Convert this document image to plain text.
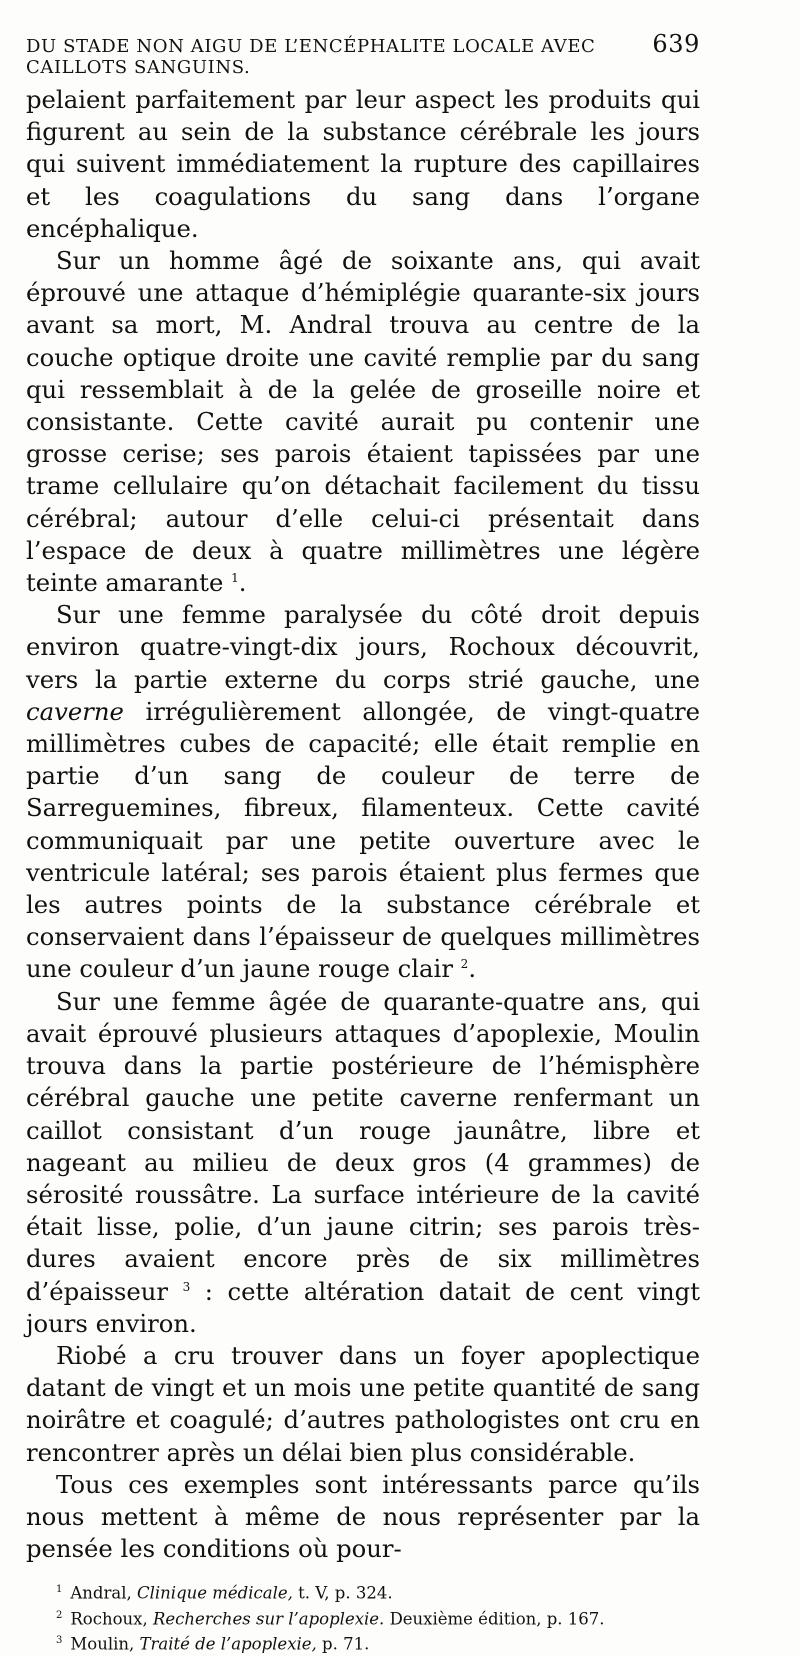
DU STADE NON AIGU DE L’ENCÉPHALITE LOCALE AVEC CAILLOTS SANGUINS.
639

pelaient parfaitement par leur aspect les produits qui figurent au sein de la substance cérébrale les jours qui suivent immédiatement la rupture des capillaires et les coagulations du sang dans l’organe encéphalique.

Sur un homme âgé de soixante ans, qui avait éprouvé une attaque d’hémiplégie quarante-six jours avant sa mort, M. Andral trouva au centre de la couche optique droite une cavité remplie par du sang qui ressemblait à de la gelée de groseille noire et consistante. Cette cavité aurait pu contenir une grosse cerise; ses parois étaient tapissées par une trame cellulaire qu’on détachait facilement du tissu cérébral; autour d’elle celui-ci présentait dans l’espace de deux à quatre millimètres une légère teinte amarante $^1$.

Sur une femme paralysée du côté droit depuis environ quatre-vingt-dix jours, Rochoux découvrit, vers la partie externe du corps strié gauche, une caverne irrégulièrement allongée, de vingt-quatre millimètres cubes de capacité; elle était remplie en partie d’un sang de couleur de terre de Sarreguemines, fibreux, filamenteux. Cette cavité communiquait par une petite ouverture avec le ventricule latéral; ses parois étaient plus fermes que les autres points de la substance cérébrale et conservaient dans l’épaisseur de quelques millimètres une couleur d’un jaune rouge clair $^2$.

Sur une femme âgée de quarante-quatre ans, qui avait éprouvé plusieurs attaques d’apoplexie, Moulin trouva dans la partie postérieure de l’hémisphère cérébral gauche une petite caverne renfermant un caillot consistant d’un rouge jaunâtre, libre et nageant au milieu de deux gros (4 grammes) de sérosité roussâtre. La surface intérieure de la cavité était lisse, polie, d’un jaune citrin; ses parois très-dures avaient encore près de six millimètres d’épaisseur $^3$ : cette altération datait de cent vingt jours environ.

Riobé a cru trouver dans un foyer apoplectique datant de vingt et un mois une petite quantité de sang noirâtre et coagulé; d’autres pathologistes ont cru en rencontrer après un délai bien plus considérable.

Tous ces exemples sont intéressants parce qu’ils nous mettent à même de nous représenter par la pensée les conditions où pour-

$^1$ Andral, Clinique médicale, t. V, p. 324.
$^2$ Rochoux, Recherches sur l’apoplexie. Deuxième édition, p. 167.
$^3$ Moulin, Traité de l’apoplexie, p. 71.
